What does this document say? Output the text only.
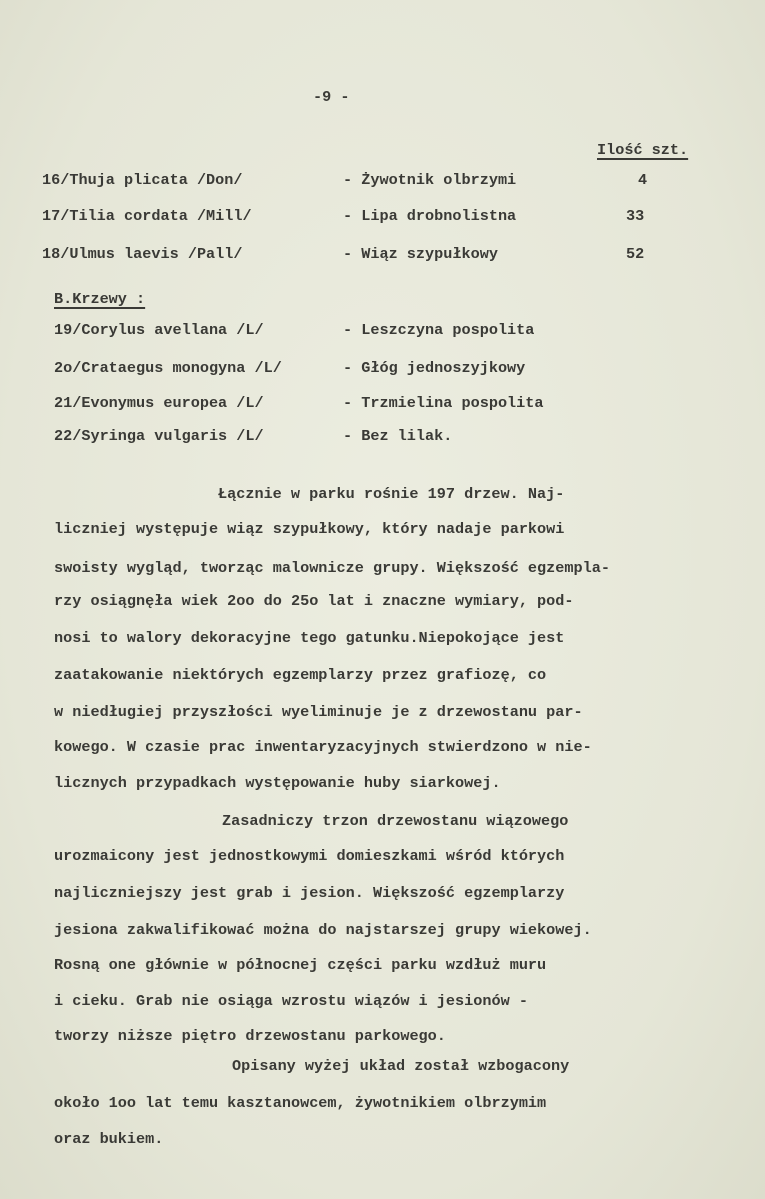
-9 -
Ilość szt.
16/Thuja plicata /Don/	- Żywotnik olbrzymi	4
17/Tilia cordata /Mill/	- Lipa drobnolistna	33
18/Ulmus laevis /Pall/	- Wiąz szypułkowy	52
B.Krzewy :
19/Corylus avellana /L/	- Leszczyna pospolita
2o/Crataegus monogyna /L/	- Głóg jednoszyjkowy
21/Evonymus europea /L/	- Trzmielina pospolita
22/Syringa vulgaris /L/	- Bez lilak.
Łącznie w parku rośnie 197 drzew. Naj-
liczniej występuje wiąz szypułkowy, który nadaje parkowi
swoisty wygląd, tworząc malownicze grupy. Większość egzempla-
rzy osiągnęła wiek 2oo do 25o lat i znaczne wymiary, pod-
nosi to walory dekoracyjne tego gatunku.Niepokojące jest
zaatakowanie niektórych egzemplarzy przez grafiozę, co
w niedługiej przyszłości wyeliminuje je z drzewostanu par-
kowego. W czasie prac inwentaryzacyjnych stwierdzono w nie-
licznych przypadkach występowanie huby siarkowej.
Zasadniczy trzon drzewostanu wiązowego
urozmaicony jest jednostkowymi domieszkami wśród których
najliczniejszy jest grab i jesion. Większość egzemplarzy
jesiona zakwalifikować można do najstarszej grupy wiekowej.
Rosną one głównie w północnej części parku wzdłuż muru
i cieku. Grab nie osiąga wzrostu wiązów i jesionów -
tworzy niższe piętro drzewostanu parkowego.
Opisany wyżej układ został wzbogacony
około 1oo lat temu kasztanowcem, żywotnikiem olbrzymim
oraz bukiem.
